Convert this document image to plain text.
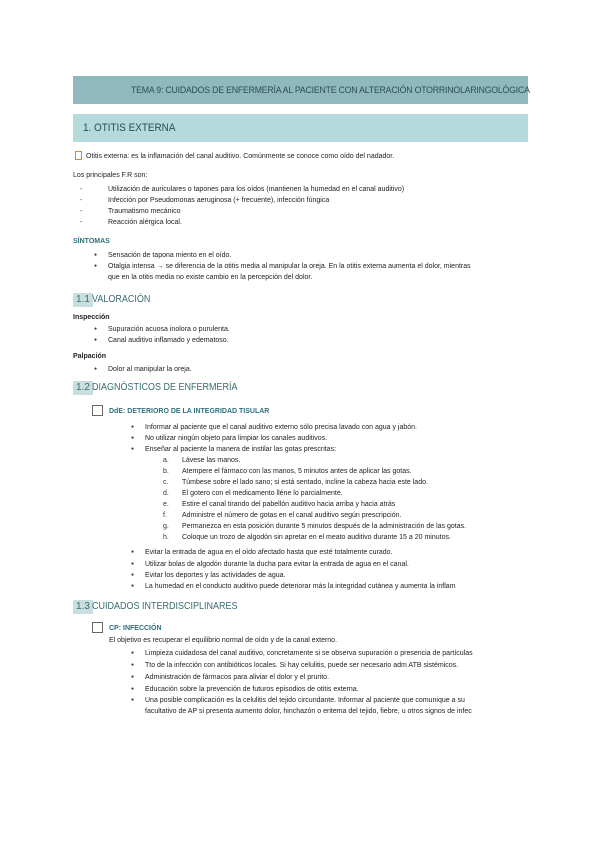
TEMA 9: CUIDADOS DE ENFERMERÍA AL PACIENTE CON ALTERACIÓN OTORRINOLARINGOLÓGICA
1. OTITIS EXTERNA
Otitis externa: es la inflamación del canal auditivo. Comúnmente se conoce como oído del nadador.
Los principales F.R son:
- Utilización de auriculares o tapones para los oídos (mantienen la humedad en el canal auditivo)
- Infección por Pseudomonas aeruginosa (+ frecuente), infección fúngica
- Traumatismo mecánico
- Reacción alérgica local.
SÍNTOMAS
● Sensación de tapona miento en el oído.
● Otalgia intensa → se diferencia de la otitis media al manipular la oreja. En la otitis externa aumenta el dolor, mientras
que en la otitis media no existe cambio en la percepción del dolor.
1.1 VALORACIÓN
Inspección
● Supuración acuosa inolora o purulenta.
● Canal auditivo inflamado y edematoso.
Palpación
● Dolor al manipular la oreja.
1.2 DIAGNÓSTICOS DE ENFERMERÍA
DdE: DETERIORO DE LA INTEGRIDAD TISULAR
● Informar al paciente que el canal auditivo externo sólo precisa lavado con agua y jabón.
● No utilizar ningún objeto para limpiar los canales auditivos.
● Enseñar al paciente la manera de instilar las gotas prescritas:
a. Lávese las manos.
b. Atempere el fármaco con las manos, 5 minutos antes de aplicar las gotas.
c. Túmbese sobre el lado sano; si está sentado, incline la cabeza hacia este lado.
d. El gotero con el medicamento lléne lo parcialmente.
e. Estire el canal tirando del pabellón auditivo hacia arriba y hacia atrás
f. Administre el número de gotas en el canal auditivo según prescripción.
g. Permanezca en esta posición durante 5 minutos después de la administración de las gotas.
h. Coloque un trozo de algodón sin apretar en el meato auditivo durante 15 a 20 minutos.
● Evitar la entrada de agua en el oído afectado hasta que esté totalmente curado.
● Utilizar bolas de algodón durante la ducha para evitar la entrada de agua en el canal.
● Evitar los deportes y las actividades de agua.
● La humedad en el conducto auditivo puede deteriorar más la integridad cutánea y aumenta la inflam
1.3 CUIDADOS INTERDISCIPLINARES
CP: INFECCIÓN
El objetivo es recuperar el equilibrio normal de oído y de la canal externo.
● Limpieza cuidadosa del canal auditivo, concretamente si se observa supuración o presencia de partículas
● Tto de la infección con antibióticos locales. Si hay celulitis, puede ser necesario adm ATB sistémicos.
● Administración de fármacos para aliviar el dolor y el prurito.
● Educación sobre la prevención de futuros episodios de otitis externa.
● Una posible complicación es la celulitis del tejido circundante. Informar al paciente que comunique a su
facultativo de AP si presenta aumento dolor, hinchazón o eritema del tejido, fiebre, u otros signos de infec
